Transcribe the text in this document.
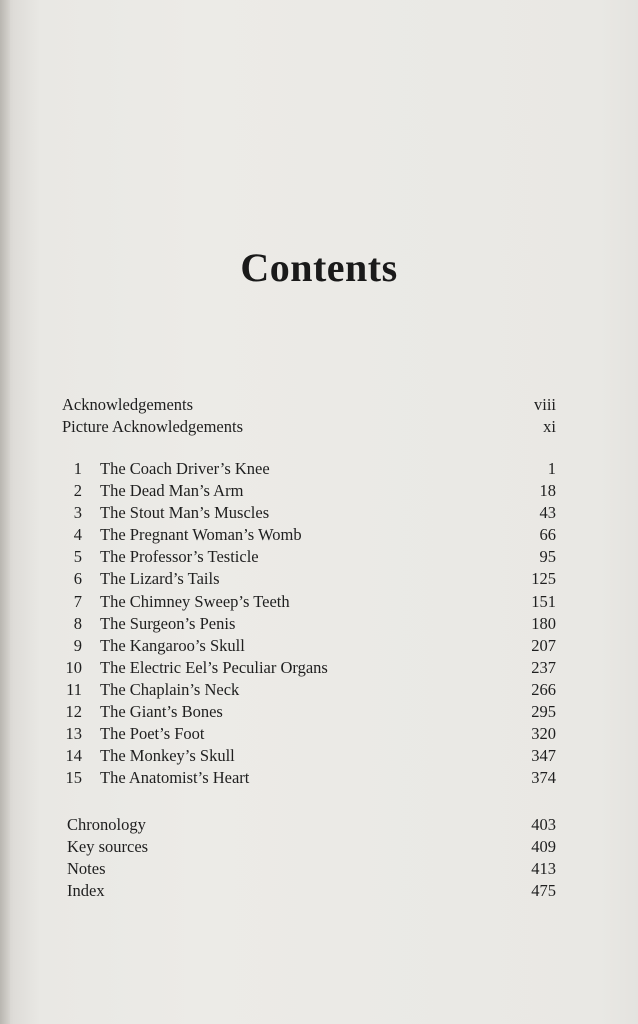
Contents
Acknowledgements	viii
Picture Acknowledgements	xi
1 The Coach Driver’s Knee	1
2 The Dead Man’s Arm	18
3 The Stout Man’s Muscles	43
4 The Pregnant Woman’s Womb	66
5 The Professor’s Testicle	95
6 The Lizard’s Tails	125
7 The Chimney Sweep’s Teeth	151
8 The Surgeon’s Penis	180
9 The Kangaroo’s Skull	207
10 The Electric Eel’s Peculiar Organs	237
11 The Chaplain’s Neck	266
12 The Giant’s Bones	295
13 The Poet’s Foot	320
14 The Monkey’s Skull	347
15 The Anatomist’s Heart	374
Chronology	403
Key sources	409
Notes	413
Index	475
